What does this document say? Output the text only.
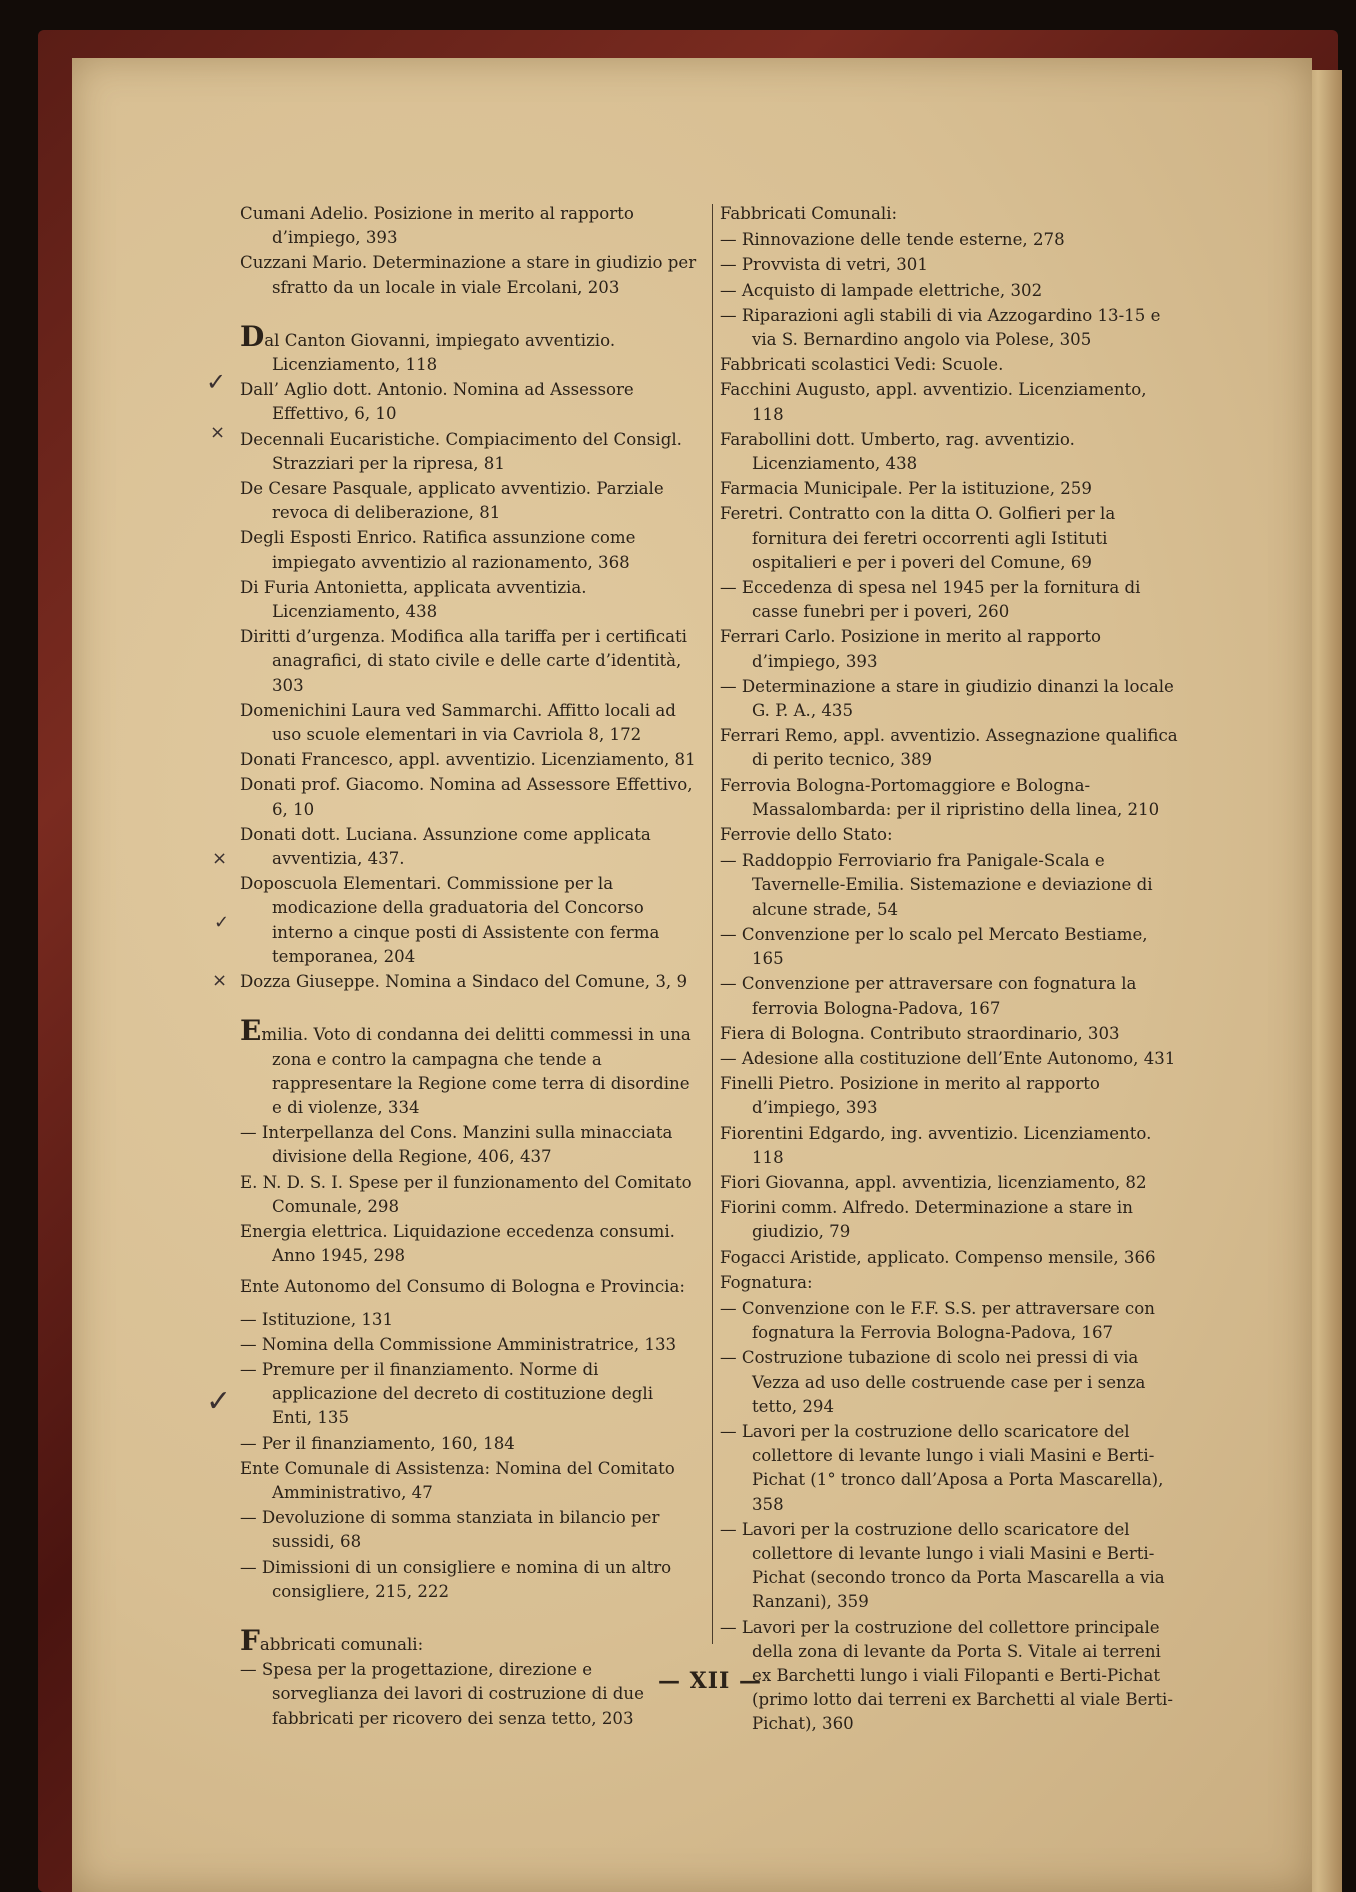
✓
×
×
✓
×
✓
Cumani Adelio. Posizione in merito al rapporto d’impiego, 393
Cuzzani Mario. Determinazione a stare in giudizio per sfratto da un locale in viale Ercolani, 203
Dal Canton Giovanni, impiegato avventizio. Licenziamento, 118
Dall’ Aglio dott. Antonio. Nomina ad Assessore Effettivo, 6, 10
Decennali Eucaristiche. Compiacimento del Consigl. Strazziari per la ripresa, 81
De Cesare Pasquale, applicato avventizio. Parziale revoca di deliberazione, 81
Degli Esposti Enrico. Ratifica assunzione come impiegato avventizio al razionamento, 368
Di Furia Antonietta, applicata avventizia. Licenziamento, 438
Diritti d’urgenza. Modifica alla tariffa per i certificati anagrafici, di stato civile e delle carte d’identità, 303
Domenichini Laura ved Sammarchi. Affitto locali ad uso scuole elementari in via Cavriola 8, 172
Donati Francesco, appl. avventizio. Licenziamento, 81
Donati prof. Giacomo. Nomina ad Assessore Effettivo, 6, 10
Donati dott. Luciana. Assunzione come applicata avventizia, 437.
Doposcuola Elementari. Commissione per la modicazione della graduatoria del Concorso interno a cinque posti di Assistente con ferma temporanea, 204
Dozza Giuseppe. Nomina a Sindaco del Comune, 3, 9
Emilia. Voto di condanna dei delitti commessi in una zona e contro la campagna che tende a rappresentare la Regione come terra di disordine e di violenze, 334
— Interpellanza del Cons. Manzini sulla minacciata divisione della Regione, 406, 437
E. N. D. S. I. Spese per il funzionamento del Comitato Comunale, 298
Energia elettrica. Liquidazione eccedenza consumi. Anno 1945, 298
Ente Autonomo del Consumo di Bologna e Provincia:
— Istituzione, 131
— Nomina della Commissione Amministratrice, 133
— Premure per il finanziamento. Norme di applicazione del decreto di costituzione degli Enti, 135
— Per il finanziamento, 160, 184
Ente Comunale di Assistenza: Nomina del Comitato Amministrativo, 47
— Devoluzione di somma stanziata in bilancio per sussidi, 68
— Dimissioni di un consigliere e nomina di un altro consigliere, 215, 222
Fabbricati comunali:
— Spesa per la progettazione, direzione e sorveglianza dei lavori di costruzione di due fabbricati per ricovero dei senza tetto, 203
Fabbricati Comunali:
— Rinnovazione delle tende esterne, 278
— Provvista di vetri, 301
— Acquisto di lampade elettriche, 302
— Riparazioni agli stabili di via Azzogardino 13-15 e via S. Bernardino angolo via Polese, 305
Fabbricati scolastici Vedi: Scuole.
Facchini Augusto, appl. avventizio. Licenziamento, 118
Farabollini dott. Umberto, rag. avventizio. Licenziamento, 438
Farmacia Municipale. Per la istituzione, 259
Feretri. Contratto con la ditta O. Golfieri per la fornitura dei feretri occorrenti agli Istituti ospitalieri e per i poveri del Comune, 69
— Eccedenza di spesa nel 1945 per la fornitura di casse funebri per i poveri, 260
Ferrari Carlo. Posizione in merito al rapporto d’impiego, 393
— Determinazione a stare in giudizio dinanzi la locale G. P. A., 435
Ferrari Remo, appl. avventizio. Assegnazione qualifica di perito tecnico, 389
Ferrovia Bologna-Portomaggiore e Bologna-Massalombarda: per il ripristino della linea, 210
Ferrovie dello Stato:
— Raddoppio Ferroviario fra Panigale-Scala e Tavernelle-Emilia. Sistemazione e deviazione di alcune strade, 54
— Convenzione per lo scalo pel Mercato Bestiame, 165
— Convenzione per attraversare con fognatura la ferrovia Bologna-Padova, 167
Fiera di Bologna. Contributo straordinario, 303
— Adesione alla costituzione dell’Ente Autonomo, 431
Finelli Pietro. Posizione in merito al rapporto d’impiego, 393
Fiorentini Edgardo, ing. avventizio. Licenziamento. 118
Fiori Giovanna, appl. avventizia, licenziamento, 82
Fiorini comm. Alfredo. Determinazione a stare in giudizio, 79
Fogacci Aristide, applicato. Compenso mensile, 366
Fognatura:
— Convenzione con le F.F. S.S. per attraversare con fognatura la Ferrovia Bologna-Padova, 167
— Costruzione tubazione di scolo nei pressi di via Vezza ad uso delle costruende case per i senza tetto, 294
— Lavori per la costruzione dello scaricatore del collettore di levante lungo i viali Masini e Berti-Pichat (1° tronco dall’Aposa a Porta Mascarella), 358
— Lavori per la costruzione dello scaricatore del collettore di levante lungo i viali Masini e Berti-Pichat (secondo tronco da Porta Mascarella a via Ranzani), 359
— Lavori per la costruzione del collettore principale della zona di levante da Porta S. Vitale ai terreni ex Barchetti lungo i viali Filopanti e Berti-Pichat (primo lotto dai terreni ex Barchetti al viale Berti-Pichat), 360
— XII —
